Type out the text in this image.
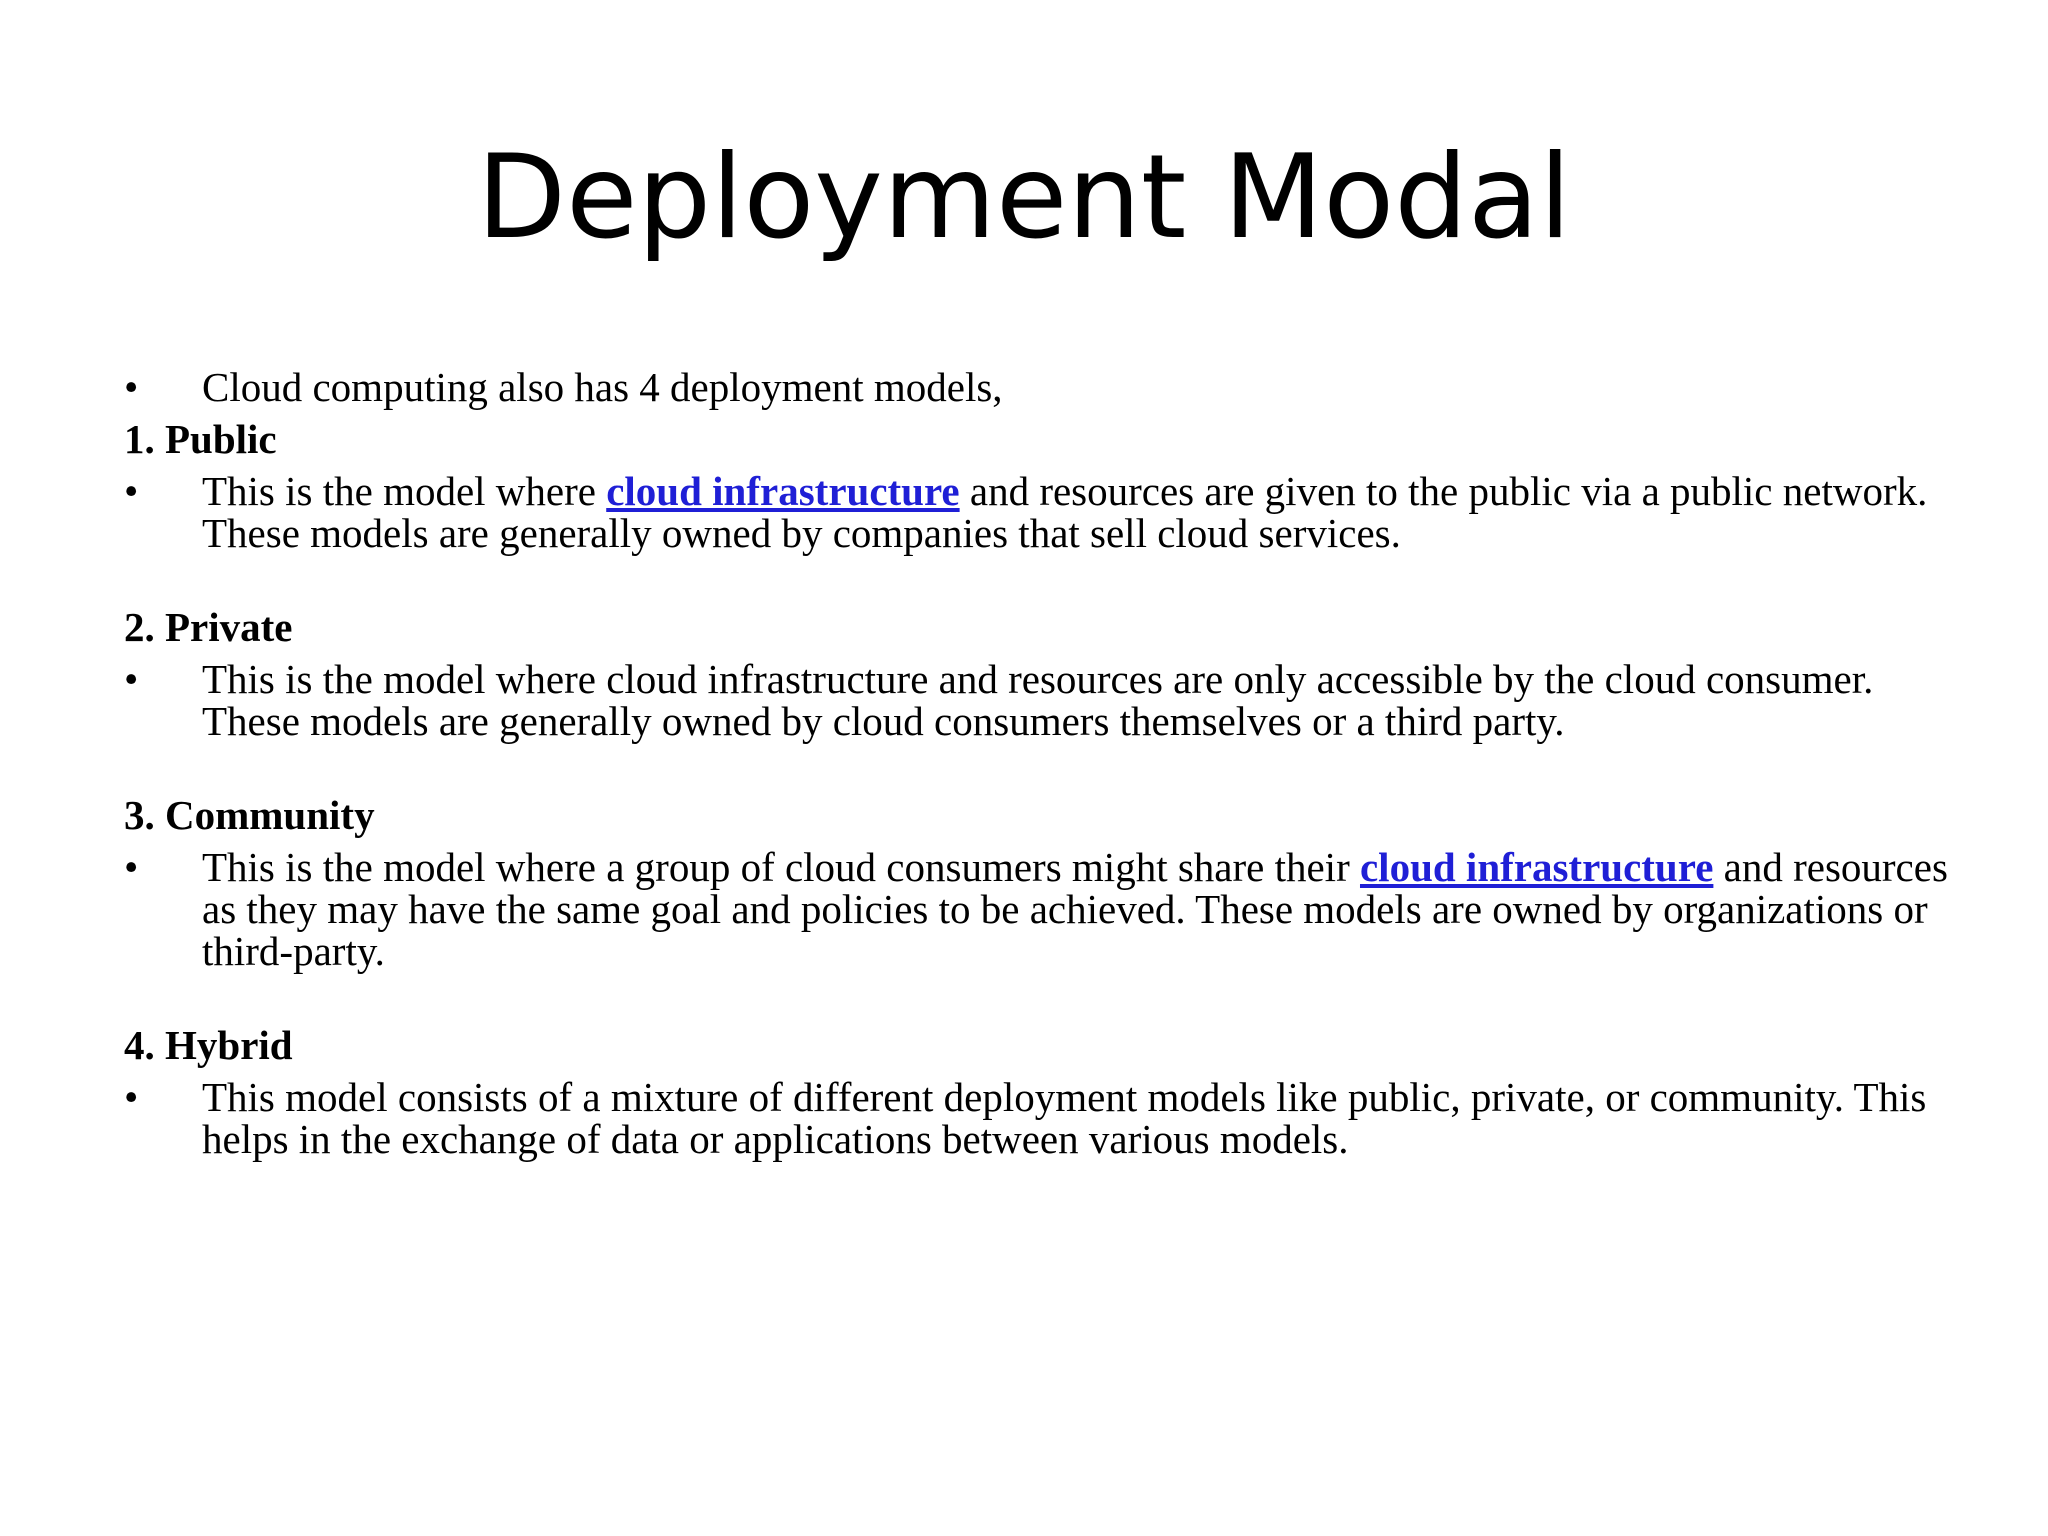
Deployment Modal
•	Cloud computing also has 4 deployment models,
1. Public
•	This is the model where cloud infrastructure and resources are given to the public via a public network. These models are generally owned by companies that sell cloud services.
2. Private
•	This is the model where cloud infrastructure and resources are only accessible by the cloud consumer. These models are generally owned by cloud consumers themselves or a third party.
3. Community
•	This is the model where a group of cloud consumers might share their cloud infrastructure and resources as they may have the same goal and policies to be achieved. These models are owned by organizations or third-party.
4. Hybrid
•	This model consists of a mixture of different deployment models like public, private, or community. This helps in the exchange of data or applications between various models.
